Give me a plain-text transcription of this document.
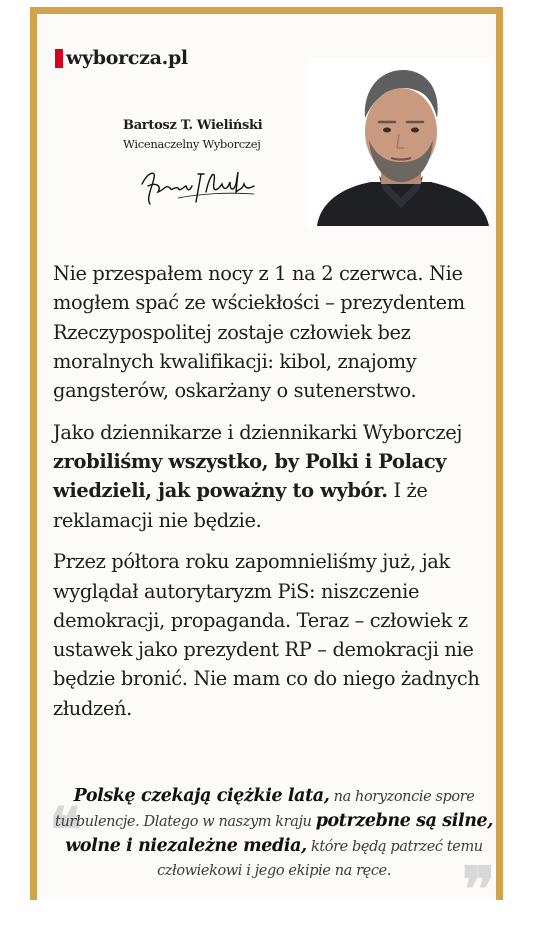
wyborcza.pl
Bartosz T. Wieliński
Wicenaczelny Wyborczej

Nie przespałem nocy z 1 na 2 czerwca. Nie mogłem spać ze wściekłości – prezydentem Rzeczypospolitej zostaje człowiek bez moralnych kwalifikacji: kibol, znajomy gangsterów, oskarżany o sutenerstwo.

Jako dziennikarze i dziennikarki Wyborczej zrobiliśmy wszystko, by Polki i Polacy wiedzieli, jak poważny to wybór. I że reklamacji nie będzie.

Przez półtora roku zapomnieliśmy już, jak wyglądał autorytaryzm PiS: niszczenie demokracji, propaganda. Teraz – człowiek z ustawek jako prezydent RP – demokracji nie będzie bronić. Nie mam co do niego żadnych złudzeń.

❞
Polskę czekają ciężkie lata, na horyzoncie spore turbulencje. Dlatego w naszym kraju potrzebne są silne, wolne i niezależne media, które będą patrzeć temu człowiekowi i jego ekipie na ręce.	❞
